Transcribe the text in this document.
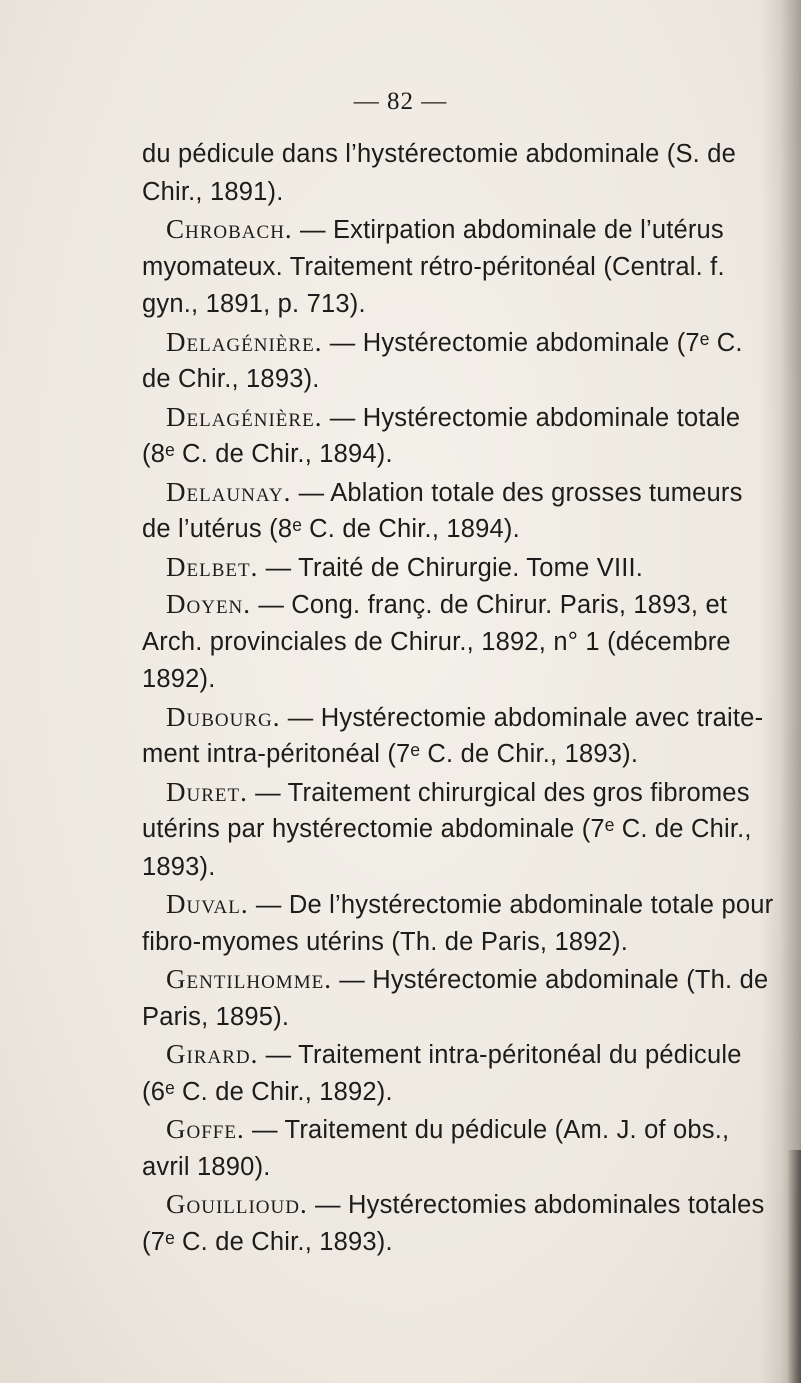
— 82 —
du pédicule dans l’hystérectomie abdominale (S. de
Chir., 1891).
Chrobach. — Extirpation abdominale de l’utérus
myomateux. Traitement rétro-péritonéal (Central. f.
gyn., 1891, p. 713).
Delagénière. — Hystérectomie abdominale (7ᵉ C.
de Chir., 1893).
Delagénière. — Hystérectomie abdominale totale
(8ᵉ C. de Chir., 1894).
Delaunay. — Ablation totale des grosses tumeurs
de l’utérus (8ᵉ C. de Chir., 1894).
Delbet. — Traité de Chirurgie. Tome VIII.
Doyen. — Cong. franç. de Chirur. Paris, 1893, et
Arch. provinciales de Chirur., 1892, n° 1 (décembre
1892).
Dubourg. — Hystérectomie abdominale avec traite-
ment intra-péritonéal (7ᵉ C. de Chir., 1893).
Duret. — Traitement chirurgical des gros fibromes
utérins par hystérectomie abdominale (7ᵉ C. de Chir.,
1893).
Duval. — De l’hystérectomie abdominale totale pour
fibro-myomes utérins (Th. de Paris, 1892).
Gentilhomme. — Hystérectomie abdominale (Th. de
Paris, 1895).
Girard. — Traitement intra-péritonéal du pédicule
(6ᵉ C. de Chir., 1892).
Goffe. — Traitement du pédicule (Am. J. of obs.,
avril 1890).
Gouillioud. — Hystérectomies abdominales totales
(7ᵉ C. de Chir., 1893).
